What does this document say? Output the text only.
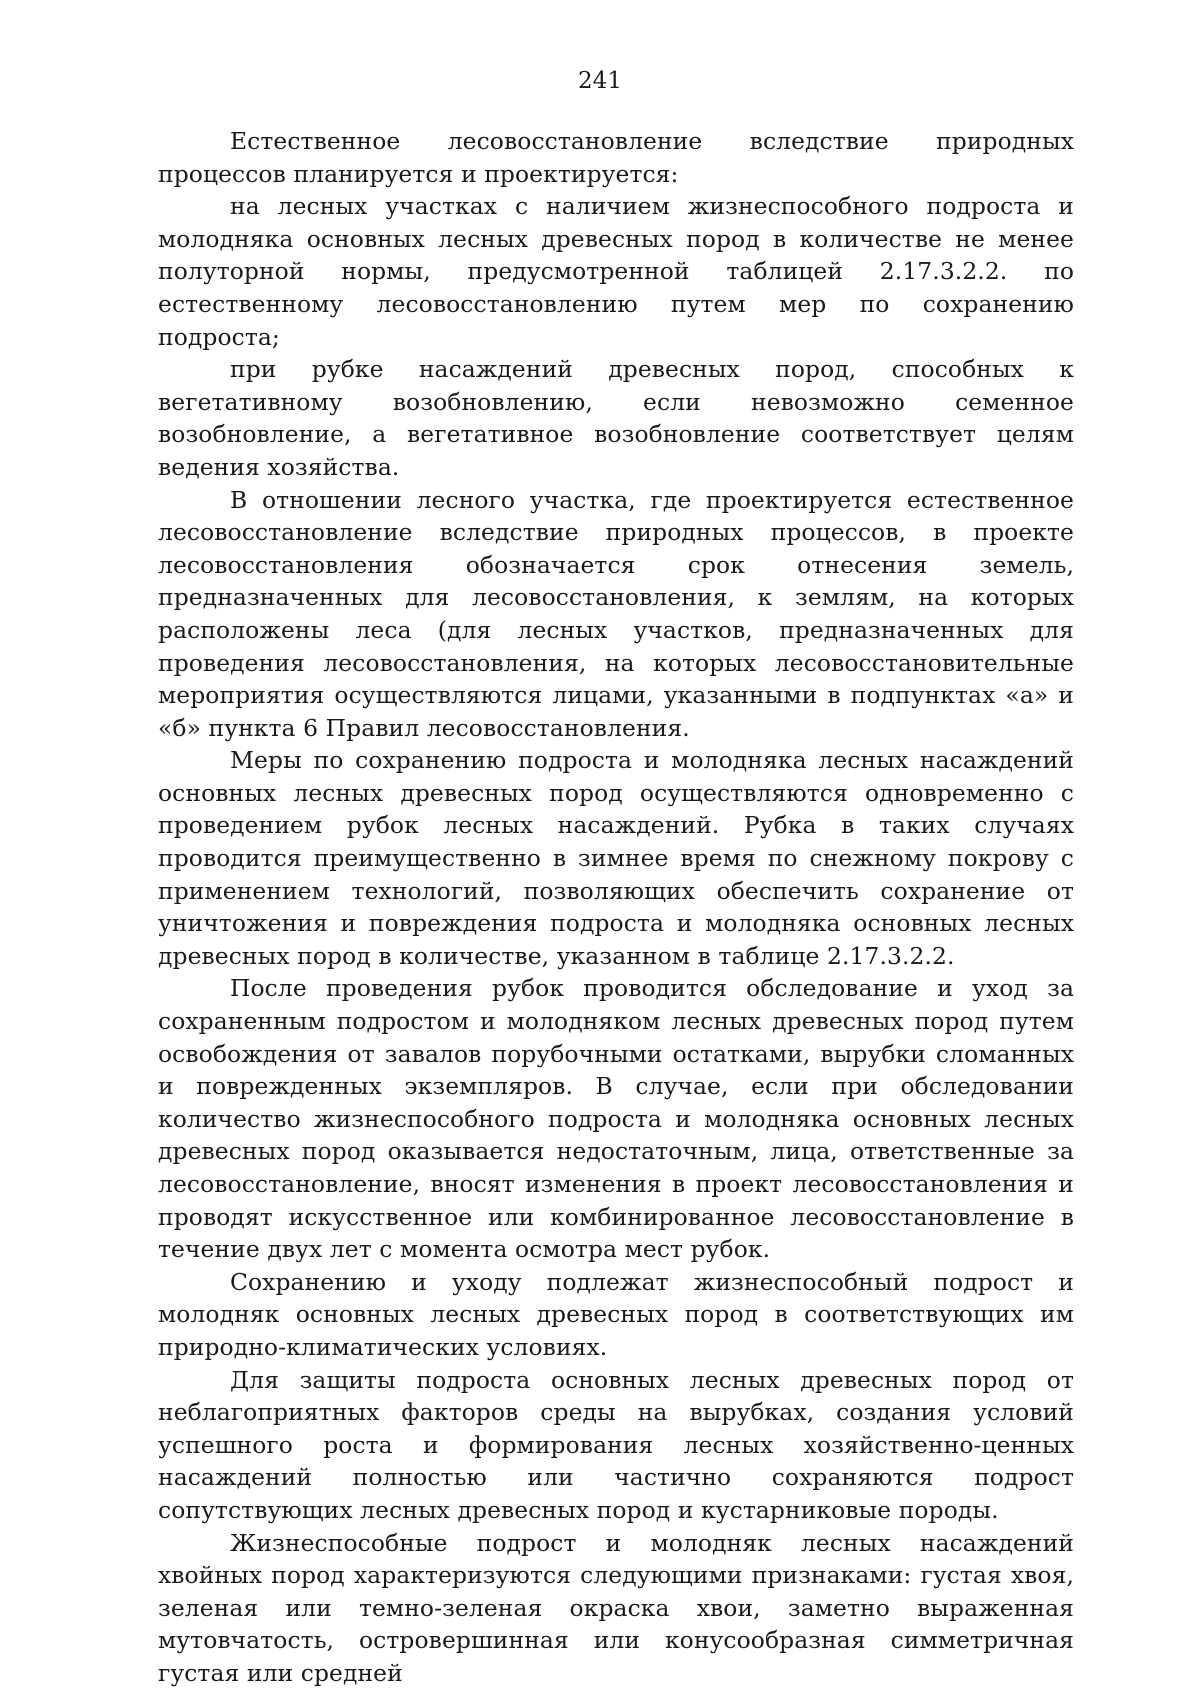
241

Естественное лесовосстановление вследствие природных процессов планируется и проектируется:

на лесных участках с наличием жизнеспособного подроста и молодняка основных лесных древесных пород в количестве не менее полуторной нормы, предусмотренной таблицей 2.17.3.2.2. по естественному лесовосстановлению путем мер по сохранению подроста;

при рубке насаждений древесных пород, способных к вегетативному возобновлению, если невозможно семенное возобновление, а вегетативное возобновление соответствует целям ведения хозяйства.

В отношении лесного участка, где проектируется естественное лесовосстановление вследствие природных процессов, в проекте лесовосстановления обозначается срок отнесения земель, предназначенных для лесовосстановления, к землям, на которых расположены леса (для лесных участков, предназначенных для проведения лесовосстановления, на которых лесовосстановительные мероприятия осуществляются лицами, указанными в подпунктах «а» и «б» пункта 6 Правил лесовосстановления.

Меры по сохранению подроста и молодняка лесных насаждений основных лесных древесных пород осуществляются одновременно с проведением рубок лесных насаждений. Рубка в таких случаях проводится преимущественно в зимнее время по снежному покрову с применением технологий, позволяющих обеспечить сохранение от уничтожения и повреждения подроста и молодняка основных лесных древесных пород в количестве, указанном в таблице 2.17.3.2.2.

После проведения рубок проводится обследование и уход за сохраненным подростом и молодняком лесных древесных пород путем освобождения от завалов порубочными остатками, вырубки сломанных и поврежденных экземпляров. В случае, если при обследовании количество жизнеспособного подроста и молодняка основных лесных древесных пород оказывается недостаточным, лица, ответственные за лесовосстановление, вносят изменения в проект лесовосстановления и проводят искусственное или комбинированное лесовосстановление в течение двух лет с момента осмотра мест рубок.

Сохранению и уходу подлежат жизнеспособный подрост и молодняк основных лесных древесных пород в соответствующих им природно-климатических условиях.

Для защиты подроста основных лесных древесных пород от неблагоприятных факторов среды на вырубках, создания условий успешного роста и формирования лесных хозяйственно-ценных насаждений полностью или частично сохраняются подрост сопутствующих лесных древесных пород и кустарниковые породы.

Жизнеспособные подрост и молодняк лесных насаждений хвойных пород характеризуются следующими признаками: густая хвоя, зеленая или темно-зеленая окраска хвои, заметно выраженная мутовчатость, островершинная или конусообразная симметричная густая или средней
